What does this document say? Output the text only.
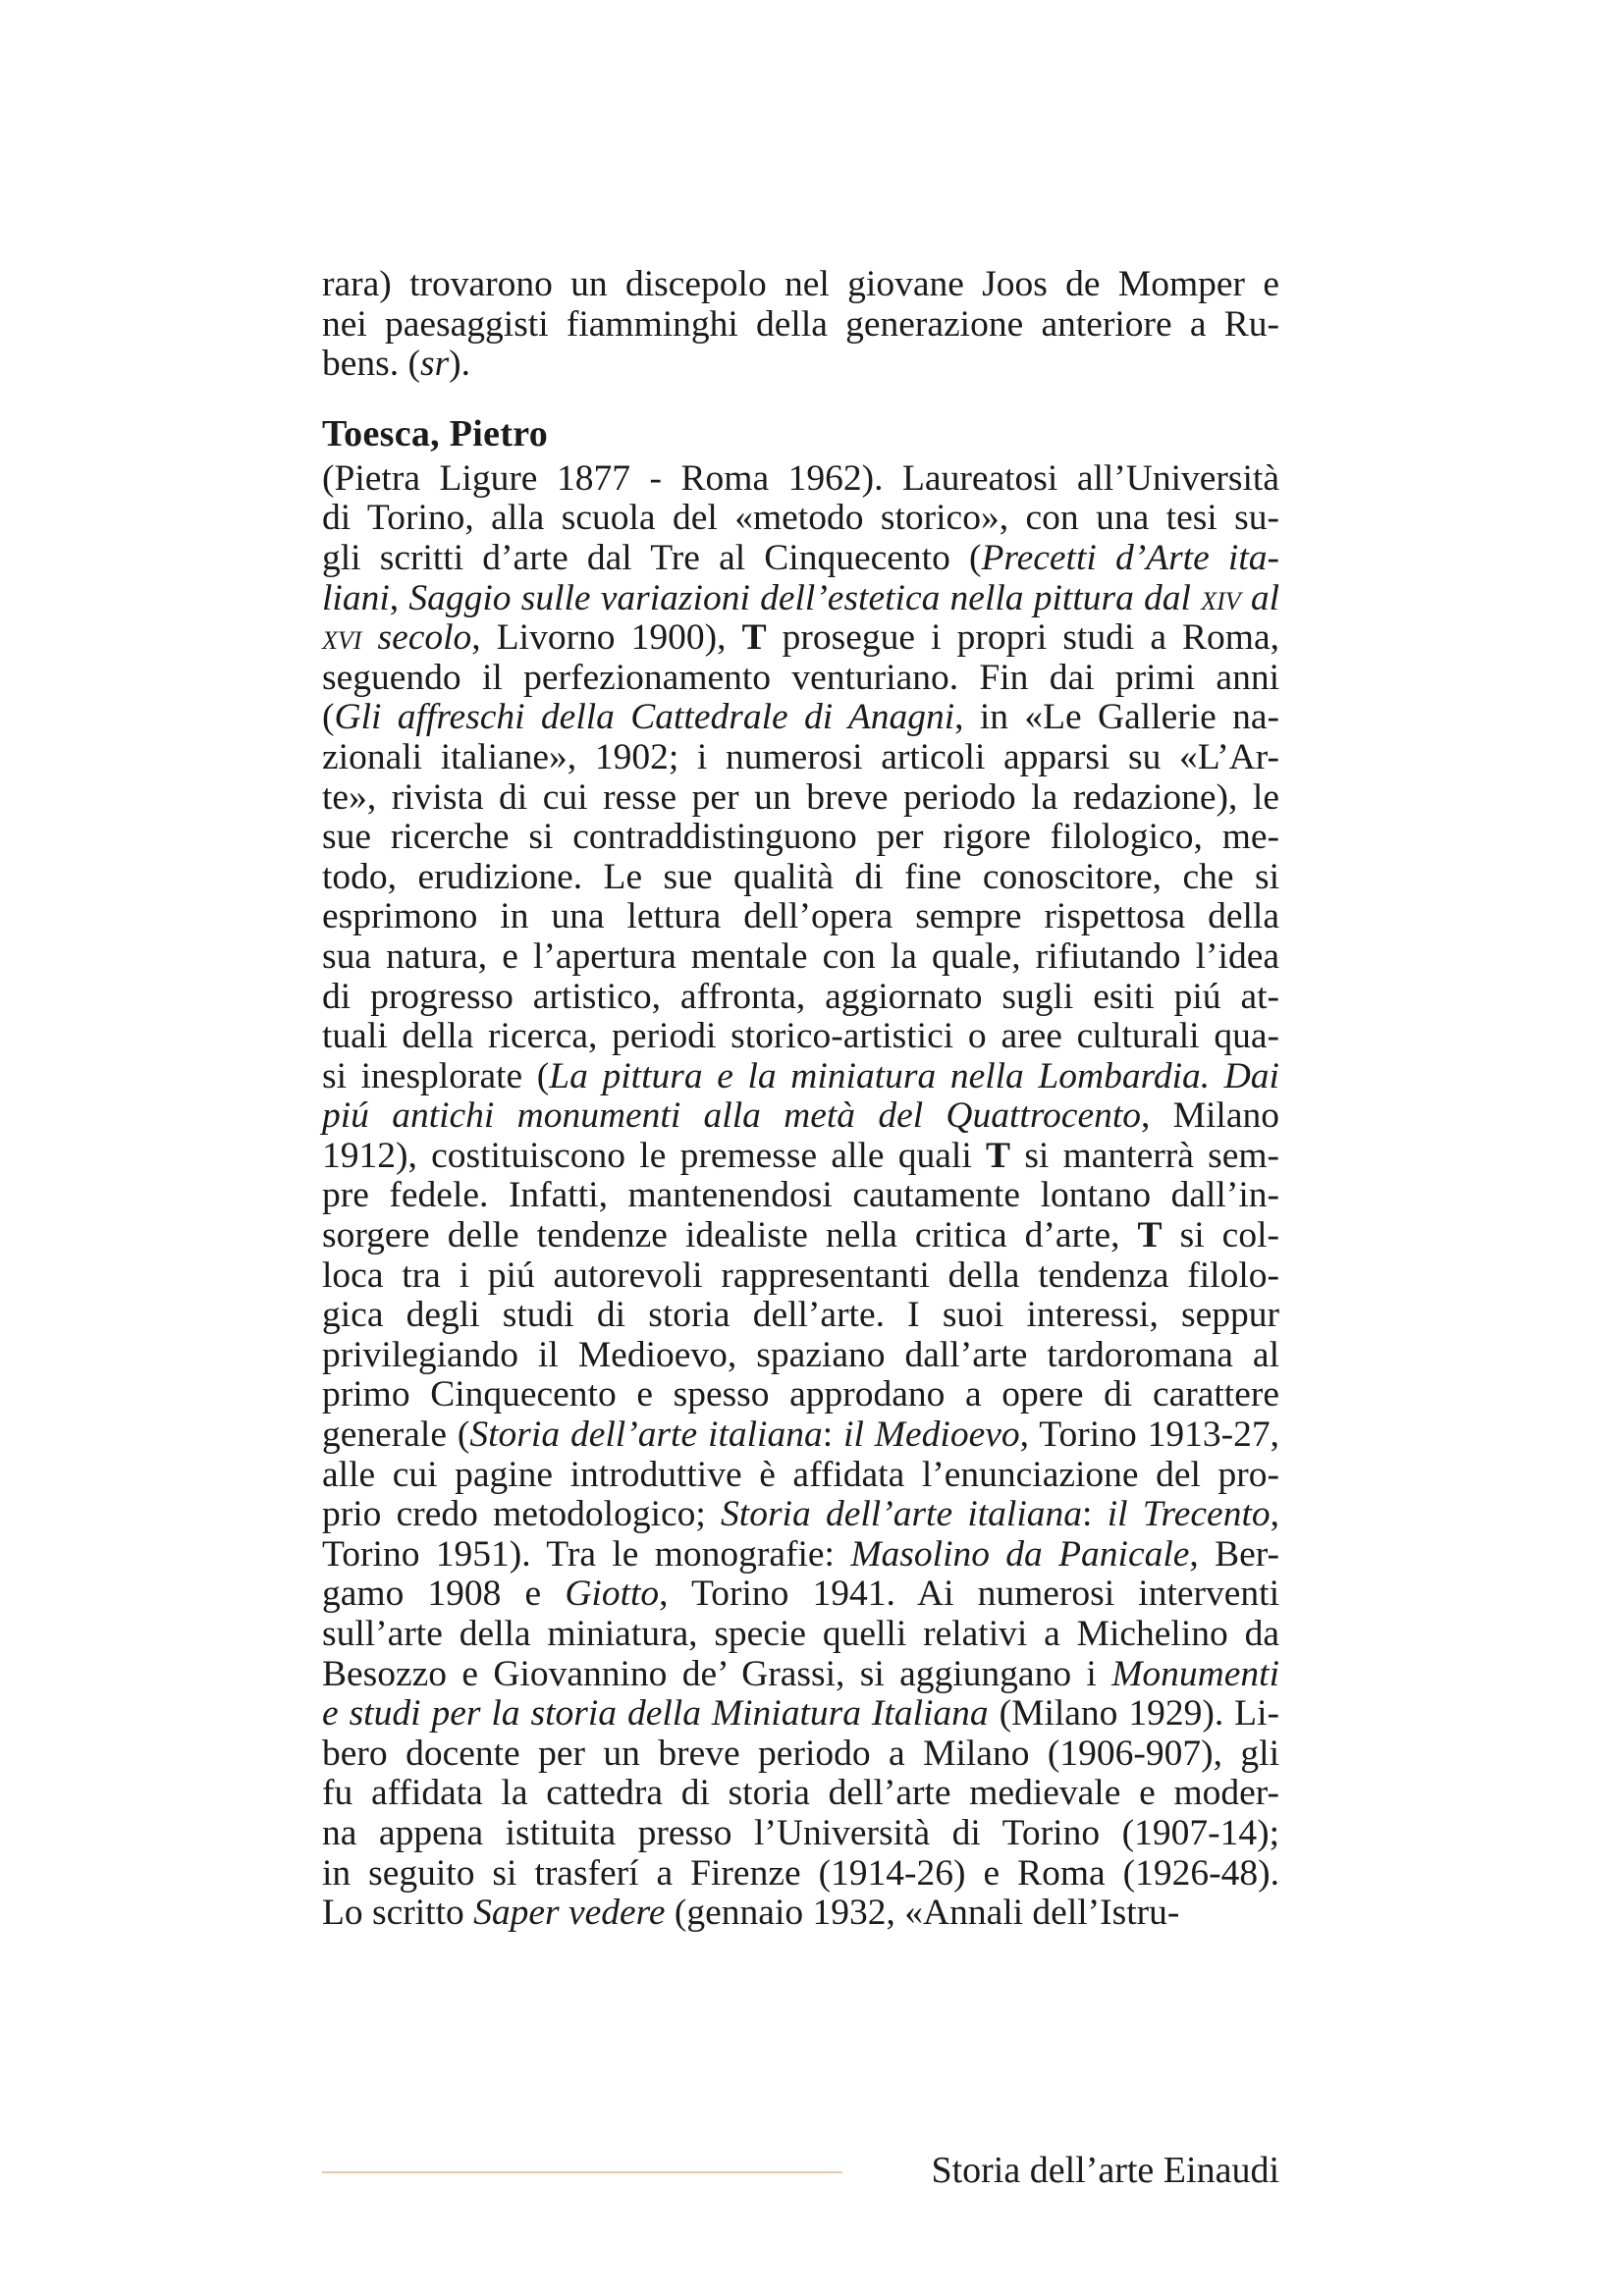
rara) trovarono un discepolo nel giovane Joos de Momper e
nei paesaggisti fiamminghi della generazione anteriore a Ru-
bens. (sr).
Toesca, Pietro
(Pietra Ligure 1877 - Roma 1962). Laureatosi all’Università
di Torino, alla scuola del «metodo storico», con una tesi su-
gli scritti d’arte dal Tre al Cinquecento (Precetti d’Arte ita-
liani, Saggio sulle variazioni dell’estetica nella pittura dal xiv al
xvi secolo, Livorno 1900), T prosegue i propri studi a Roma,
seguendo il perfezionamento venturiano. Fin dai primi anni
(Gli affreschi della Cattedrale di Anagni, in «Le Gallerie na-
zionali italiane», 1902; i numerosi articoli apparsi su «L’Ar-
te», rivista di cui resse per un breve periodo la redazione), le
sue ricerche si contraddistinguono per rigore filologico, me-
todo, erudizione. Le sue qualità di fine conoscitore, che si
esprimono in una lettura dell’opera sempre rispettosa della
sua natura, e l’apertura mentale con la quale, rifiutando l’idea
di progresso artistico, affronta, aggiornato sugli esiti piú at-
tuali della ricerca, periodi storico-artistici o aree culturali qua-
si inesplorate (La pittura e la miniatura nella Lombardia. Dai
piú antichi monumenti alla metà del Quattrocento, Milano
1912), costituiscono le premesse alle quali T si manterrà sem-
pre fedele. Infatti, mantenendosi cautamente lontano dall’in-
sorgere delle tendenze idealiste nella critica d’arte, T si col-
loca tra i piú autorevoli rappresentanti della tendenza filolo-
gica degli studi di storia dell’arte. I suoi interessi, seppur
privilegiando il Medioevo, spaziano dall’arte tardoromana al
primo Cinquecento e spesso approdano a opere di carattere
generale (Storia dell’arte italiana: il Medioevo, Torino 1913-27,
alle cui pagine introduttive è affidata l’enunciazione del pro-
prio credo metodologico; Storia dell’arte italiana: il Trecento,
Torino 1951). Tra le monografie: Masolino da Panicale, Ber-
gamo 1908 e Giotto, Torino 1941. Ai numerosi interventi
sull’arte della miniatura, specie quelli relativi a Michelino da
Besozzo e Giovannino de’ Grassi, si aggiungano i Monumenti
e studi per la storia della Miniatura Italiana (Milano 1929). Li-
bero docente per un breve periodo a Milano (1906-907), gli
fu affidata la cattedra di storia dell’arte medievale e moder-
na appena istituita presso l’Università di Torino (1907-14);
in seguito si trasferí a Firenze (1914-26) e Roma (1926-48).
Lo scritto Saper vedere (gennaio 1932, «Annali dell’Istru-
Storia dell’arte Einaudi
